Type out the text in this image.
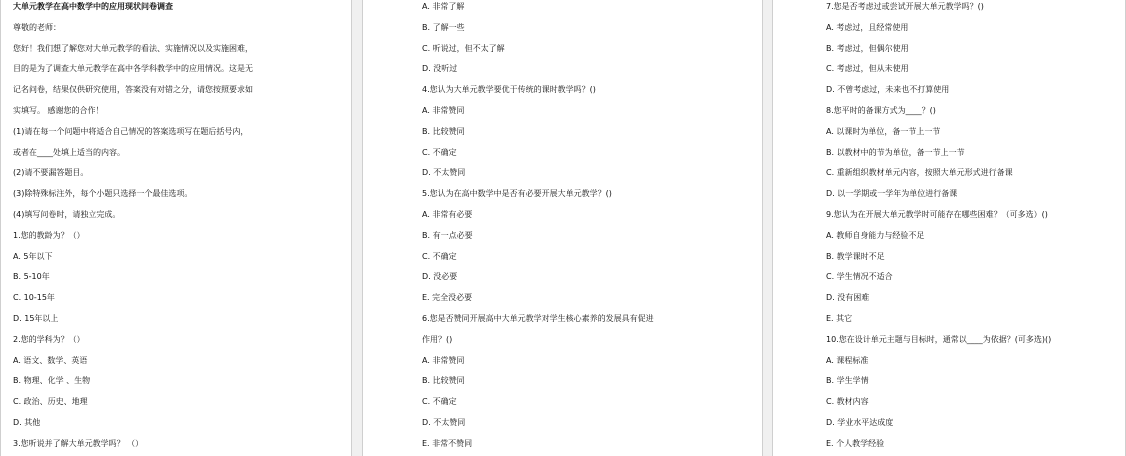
大单元教学在高中数学中的应用现状问卷调查
尊敬的老师：
您好！我们想了解您对大单元教学的看法、实施情况以及实施困难，
目的是为了调查大单元教学在高中各学科教学中的应用情况。这是无
记名问卷，结果仅供研究使用，答案没有对错之分，请您按照要求如
实填写。 感谢您的合作！
(1)请在每一个问题中将适合自己情况的答案选项写在题后括号内，
或者在____处填上适当的内容。
(2)请不要漏答题目。
(3)除特殊标注外，每个小题只选择一个最佳选项。
(4)填写问卷时，请独立完成。
1.您的教龄为？（）
A. 5年以下
B. 5-10年
C. 10-15年
D. 15年以上
2.您的学科为？（）
A. 语文、数学、英语
B. 物理、化学 、生物
C. 政治、历史、地理
D. 其他
3.您听说并了解大单元教学吗？ （）
A. 非常了解
B. 了解一些
C. 听说过，但不太了解
D. 没听过
4.您认为大单元教学要优于传统的课时教学吗？()
A. 非常赞同
B. 比较赞同
C. 不确定
D. 不太赞同
5.您认为在高中数学中是否有必要开展大单元教学？()
A. 非常有必要
B. 有一点必要
C. 不确定
D. 没必要
E. 完全没必要
6.您是否赞同开展高中大单元教学对学生核心素养的发展具有促进
作用？()
A. 非常赞同
B. 比较赞同
C. 不确定
D. 不太赞同
E. 非常不赞同
7.您是否考虑过或尝试开展大单元教学吗？()
A. 考虑过，且经常使用
B. 考虑过，但偶尔使用
C. 考虑过，但从未使用
D. 不曾考虑过，未来也不打算使用
8.您平时的备课方式为____？()
A. 以课时为单位，备一节上一节
B. 以教材中的节为单位，备一节上一节
C. 重新组织教材单元内容，按照大单元形式进行备课
D. 以一学期或一学年为单位进行备课
9.您认为在开展大单元教学时可能存在哪些困难？（可多选）()
A. 教师自身能力与经验不足
B. 教学课时不足
C. 学生情况不适合
D. 没有困难
E. 其它
10.您在设计单元主题与目标时，通常以____为依据？(可多选)()
A. 课程标准
B. 学生学情
C. 教材内容
D. 学业水平达成度
E. 个人教学经验
